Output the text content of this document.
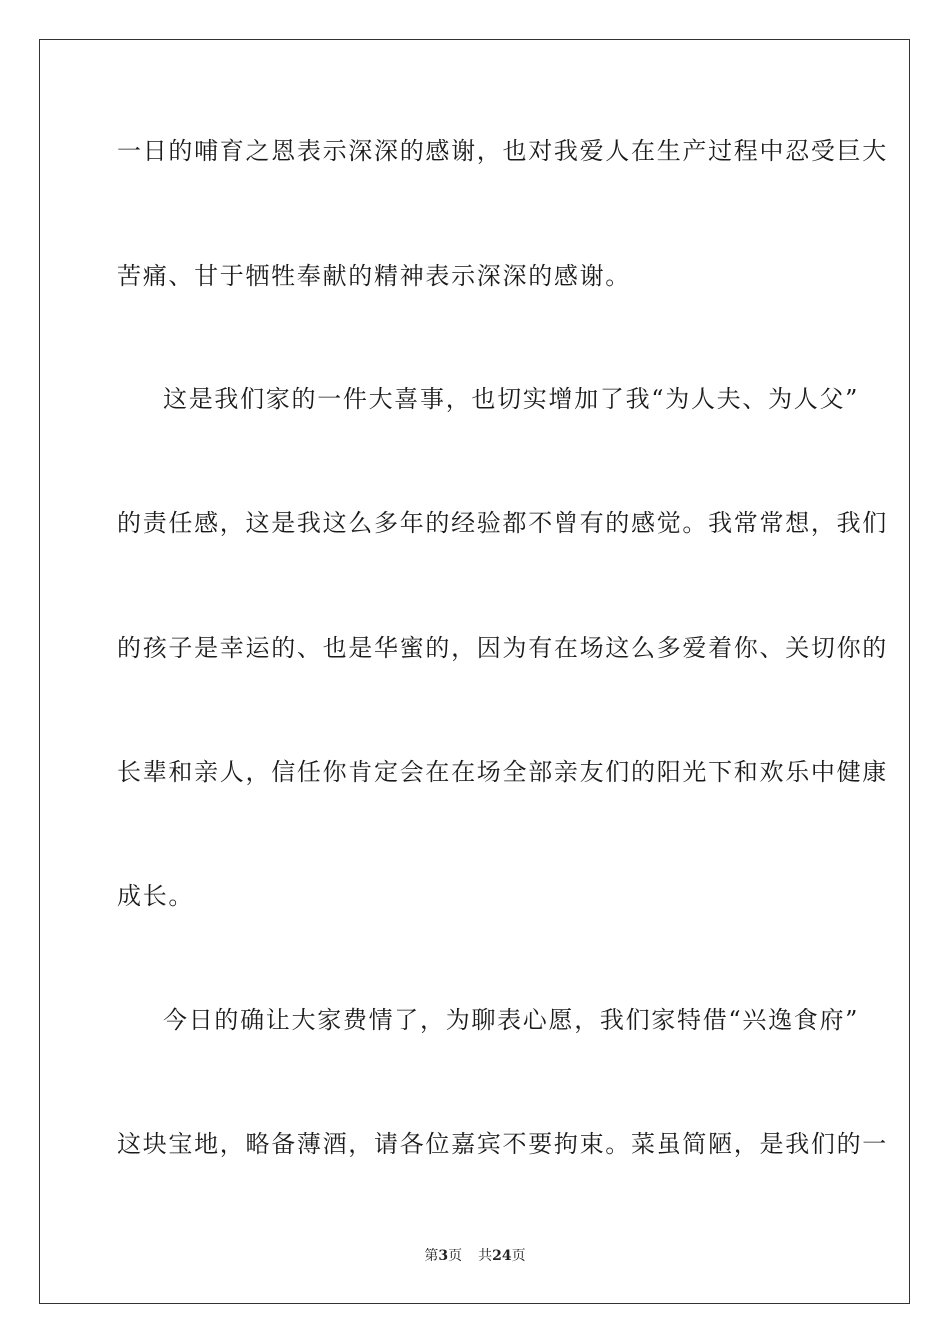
一日的哺育之恩表示深深的感谢，也对我爱人在生产过程中忍受巨大
苦痛、甘于牺牲奉献的精神表示深深的感谢。
这是我们家的一件大喜事，也切实增加了我“为人夫、为人父”
的责任感，这是我这么多年的经验都不曾有的感觉。我常常想，我们
的孩子是幸运的、也是华蜜的，因为有在场这么多爱着你、关切你的
长辈和亲人，信任你肯定会在在场全部亲友们的阳光下和欢乐中健康
成长。
今日的确让大家费情了，为聊表心愿，我们家特借“兴逸食府”
这块宝地，略备薄酒，请各位嘉宾不要拘束。菜虽简陋，是我们的一
第3页 共24页
